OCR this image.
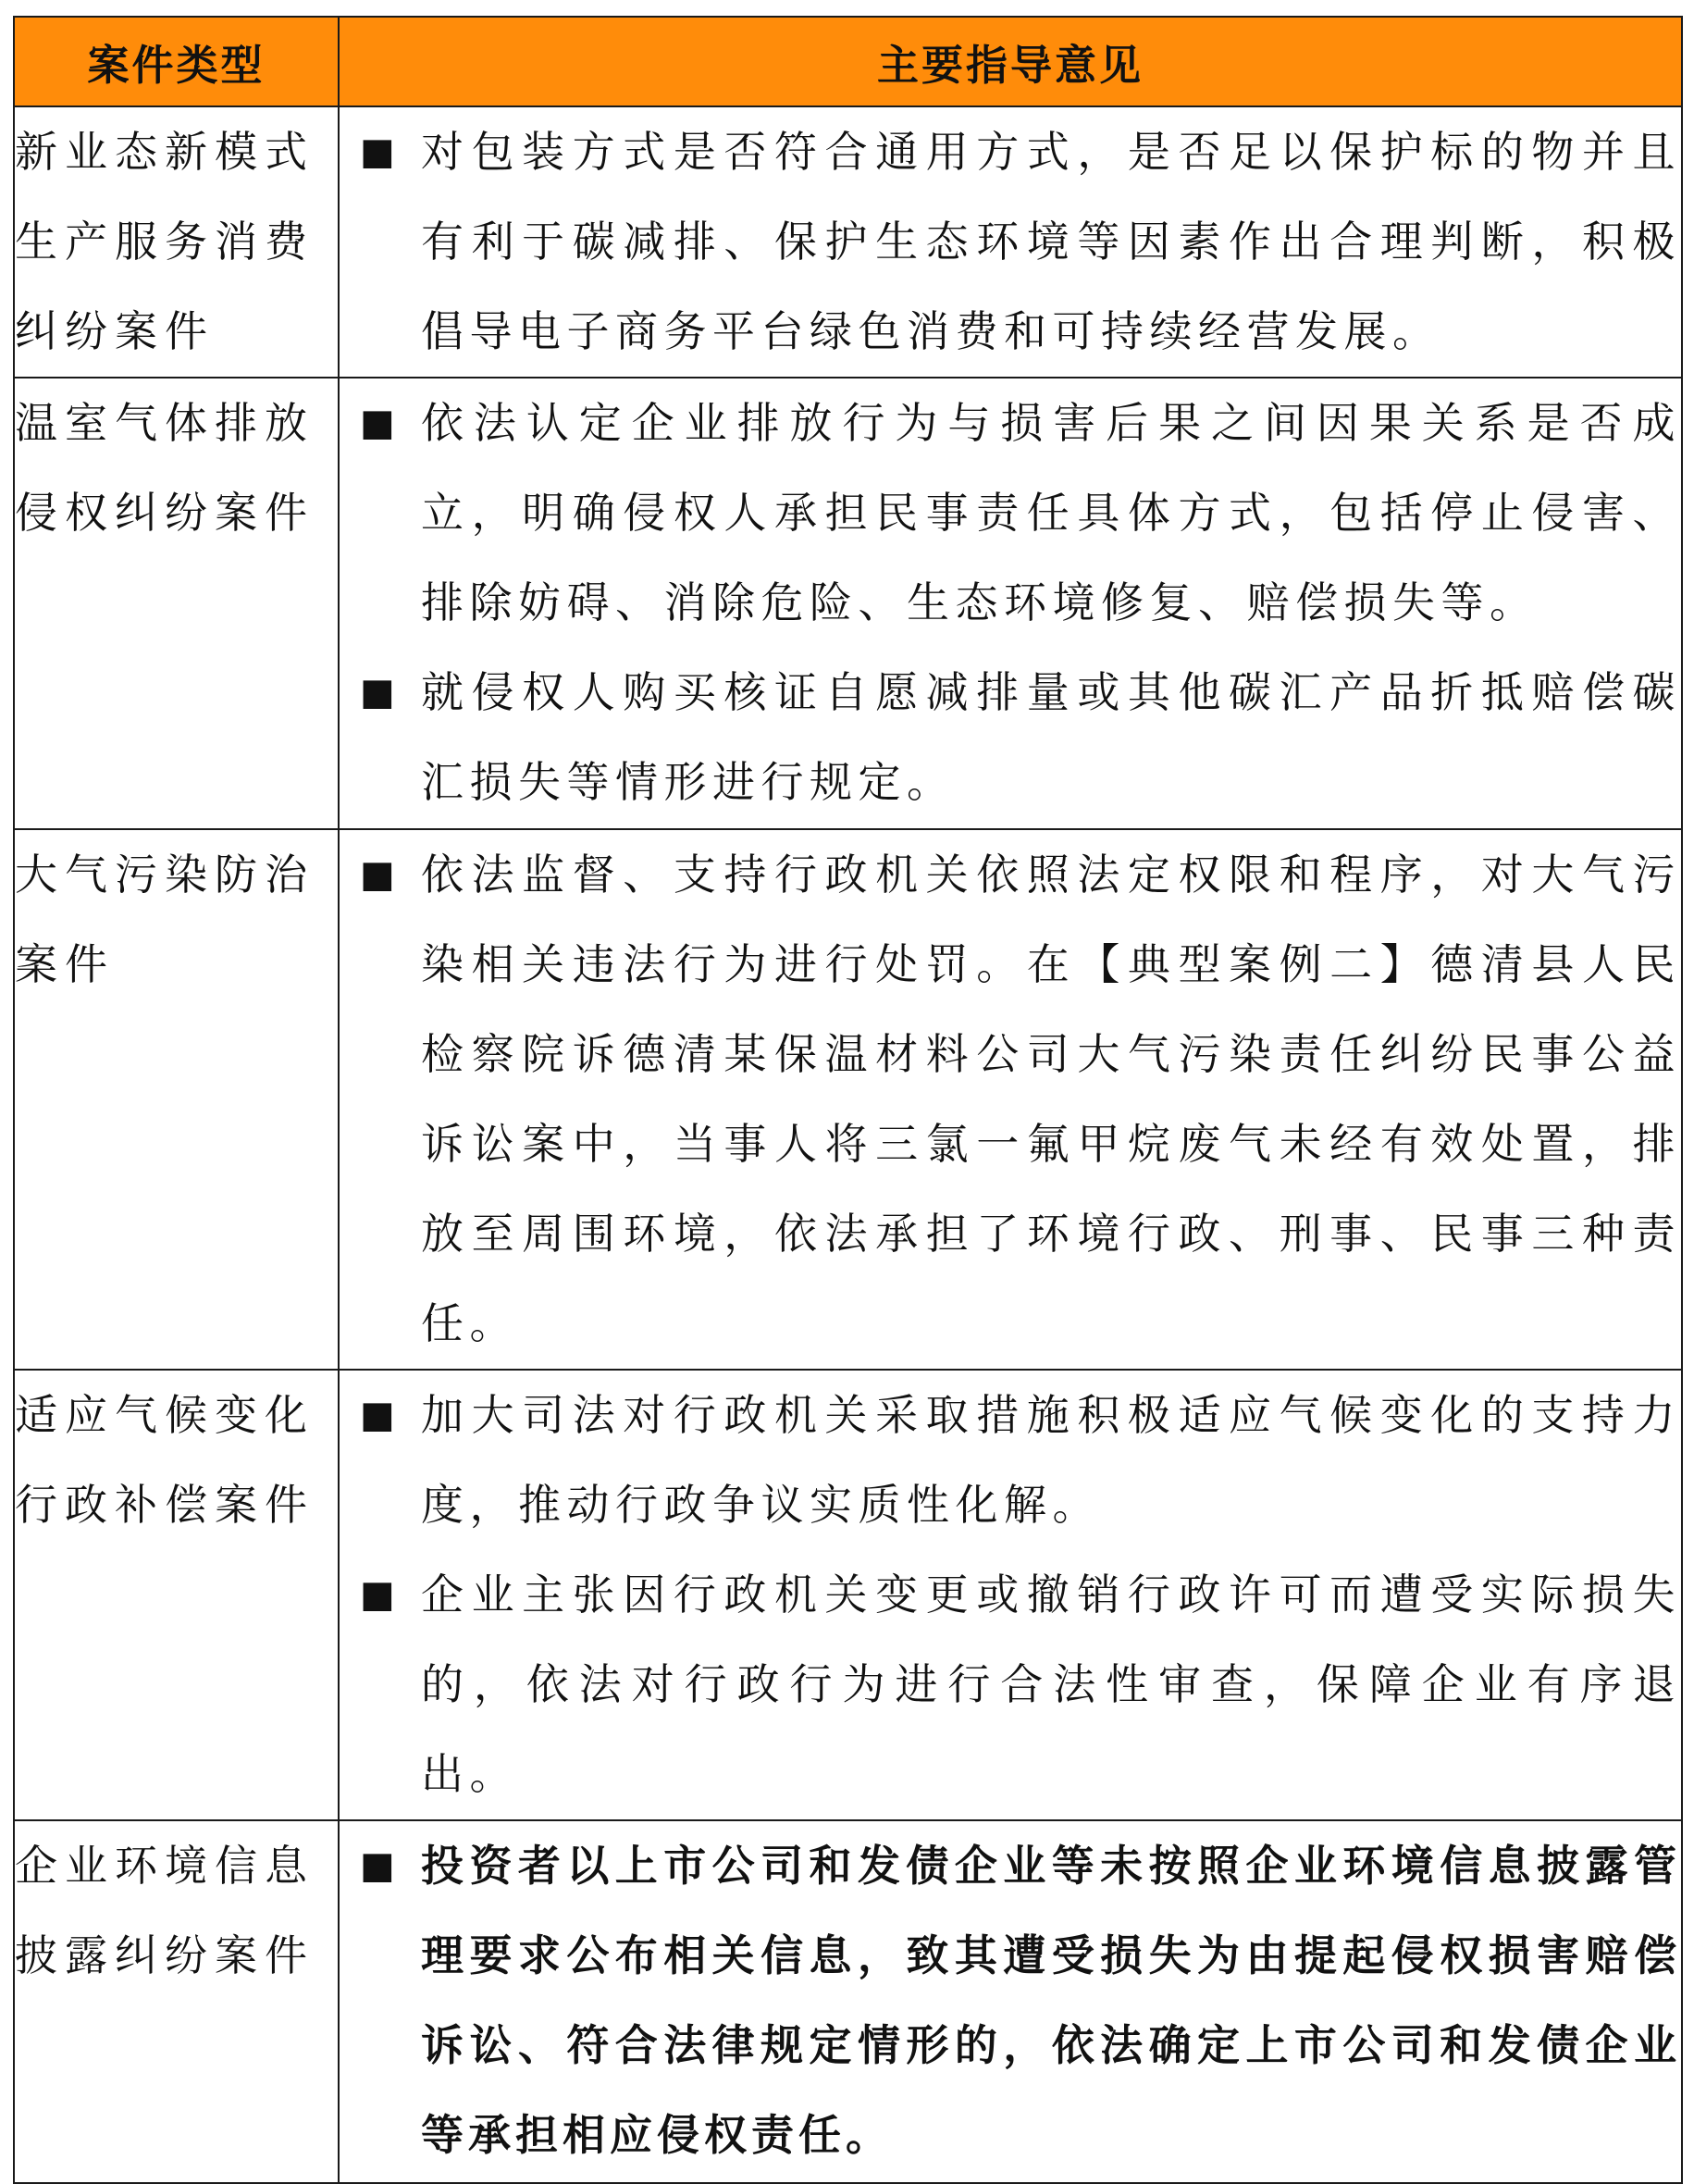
案件类型	主要指导意见
新业态新模式生产服务消费纠纷案件	■ 对包装方式是否符合通用方式，是否足以保护标的物并且有利于碳减排、保护生态环境等因素作出合理判断，积极倡导电子商务平台绿色消费和可持续经营发展。

温室气体排放侵权纠纷案件	■ 依法认定企业排放行为与损害后果之间因果关系是否成立，明确侵权人承担民事责任具体方式，包括停止侵害、排除妨碍、消除危险、生态环境修复、赔偿损失等。
■ 就侵权人购买核证自愿减排量或其他碳汇产品折抵赔偿碳汇损失等情形进行规定。

大气污染防治案件	■ 依法监督、支持行政机关依照法定权限和程序，对大气污染相关违法行为进行处罚。在【典型案例二】德清县人民检察院诉德清某保温材料公司大气污染责任纠纷民事公益诉讼案中，当事人将三氯一氟甲烷废气未经有效处置，排放至周围环境，依法承担了环境行政、刑事、民事三种责任。

适应气候变化行政补偿案件	■ 加大司法对行政机关采取措施积极适应气候变化的支持力度，推动行政争议实质性化解。
■ 企业主张因行政机关变更或撤销行政许可而遭受实际损失的，依法对行政行为进行合法性审查，保障企业有序退出。

企业环境信息披露纠纷案件	■ 投资者以上市公司和发债企业等未按照企业环境信息披露管理要求公布相关信息，致其遭受损失为由提起侵权损害赔偿诉讼、符合法律规定情形的，依法确定上市公司和发债企业等承担相应侵权责任。
